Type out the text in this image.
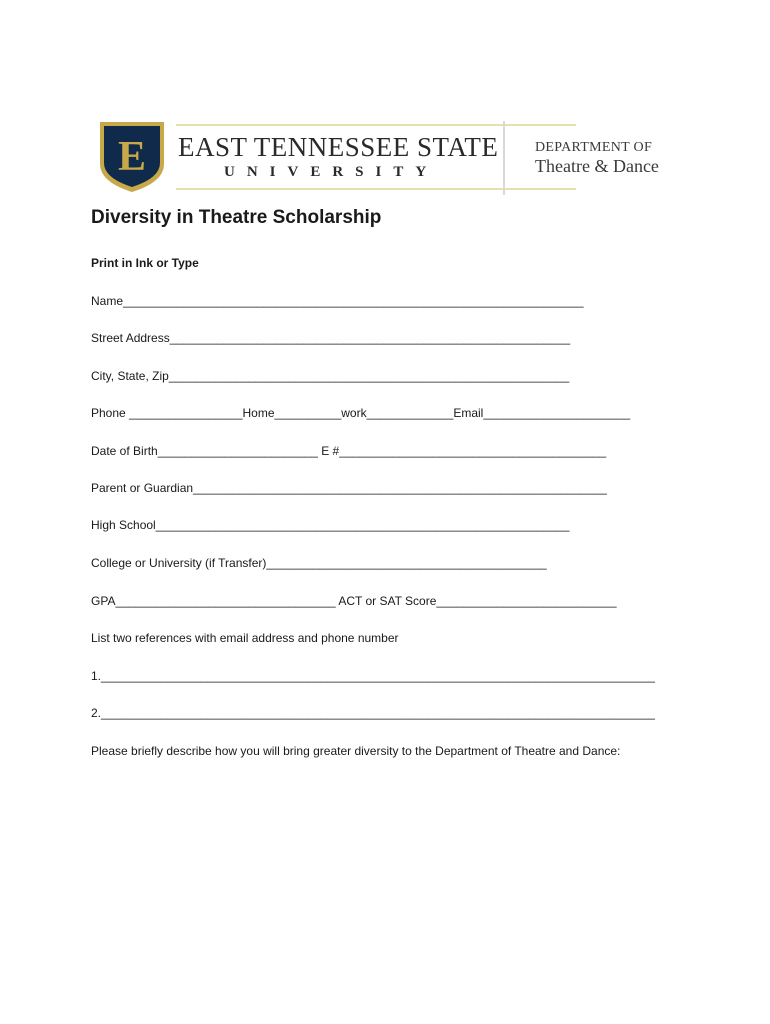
E EAST TENNESSEE STATE
UNIVERSITY
DEPARTMENT OF
Theatre & Dance
Diversity in Theatre Scholarship
Print in Ink or Type
Name_____________________________________________________________________
Street Address____________________________________________________________
City, State, Zip____________________________________________________________
Phone _________________Home__________work_____________Email______________________
Date of Birth________________________ E #________________________________________
Parent or Guardian______________________________________________________________
High School______________________________________________________________
College or University (if Transfer)__________________________________________
GPA_________________________________ ACT or SAT Score___________________________
List two references with email address and phone number
1.___________________________________________________________________________________
2.___________________________________________________________________________________
Please briefly describe how you will bring greater diversity to the Department of Theatre and Dance:
